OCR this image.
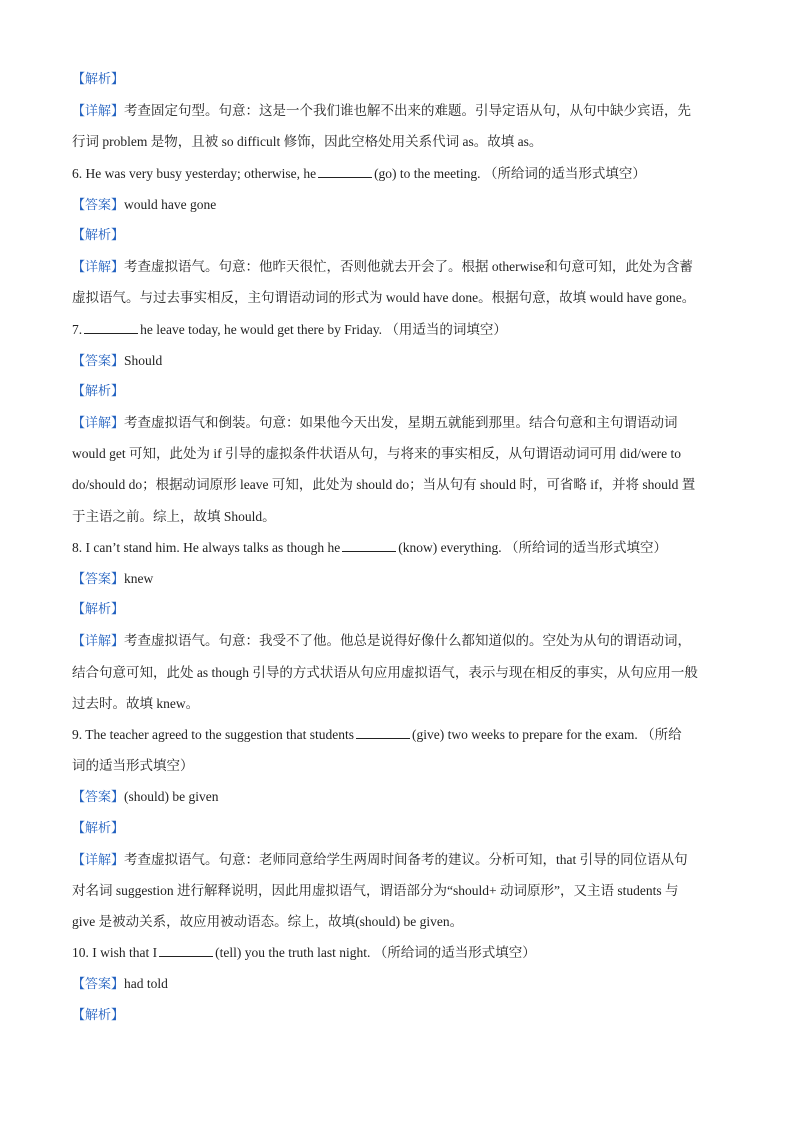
【解析】
【详解】考查固定句型。句意：这是一个我们谁也解不出来的难题。引导定语从句，从句中缺少宾语，先
行词 problem 是物，且被 so difficult 修饰，因此空格处用关系代词 as。故填 as。
6. He was very busy yesterday; otherwise, he	(go) to the meeting. （所给词的适当形式填空）
【答案】would have gone
【解析】
【详解】考查虚拟语气。句意：他昨天很忙，否则他就去开会了。根据 otherwise和句意可知，此处为含蓄
虚拟语气。与过去事实相反，主句谓语动词的形式为 would have done。根据句意，故填 would have gone。
7.	he leave today, he would get there by Friday. （用适当的词填空）
【答案】Should
【解析】
【详解】考查虚拟语气和倒装。句意：如果他今天出发，星期五就能到那里。结合句意和主句谓语动词
would get 可知，此处为 if 引导的虚拟条件状语从句，与将来的事实相反，从句谓语动词可用 did/were to
do/should do；根据动词原形 leave 可知，此处为 should do；当从句有 should 时，可省略 if，并将 should 置
于主语之前。综上，故填 Should。
8. I can’t stand him. He always talks as though he	(know) everything. （所给词的适当形式填空）
【答案】knew
【解析】
【详解】考查虚拟语气。句意：我受不了他。他总是说得好像什么都知道似的。空处为从句的谓语动词，
结合句意可知，此处 as though 引导的方式状语从句应用虚拟语气，表示与现在相反的事实，从句应用一般
过去时。故填 knew。
9. The teacher agreed to the suggestion that students	(give) two weeks to prepare for the exam. （所给
词的适当形式填空）
【答案】(should) be given
【解析】
【详解】考查虚拟语气。句意：老师同意给学生两周时间备考的建议。分析可知，that 引导的同位语从句
对名词 suggestion 进行解释说明，因此用虚拟语气，谓语部分为“should+ 动词原形”，又主语 students 与
give 是被动关系，故应用被动语态。综上，故填(should) be given。
10. I wish that I	(tell) you the truth last night. （所给词的适当形式填空）
【答案】had told
【解析】
